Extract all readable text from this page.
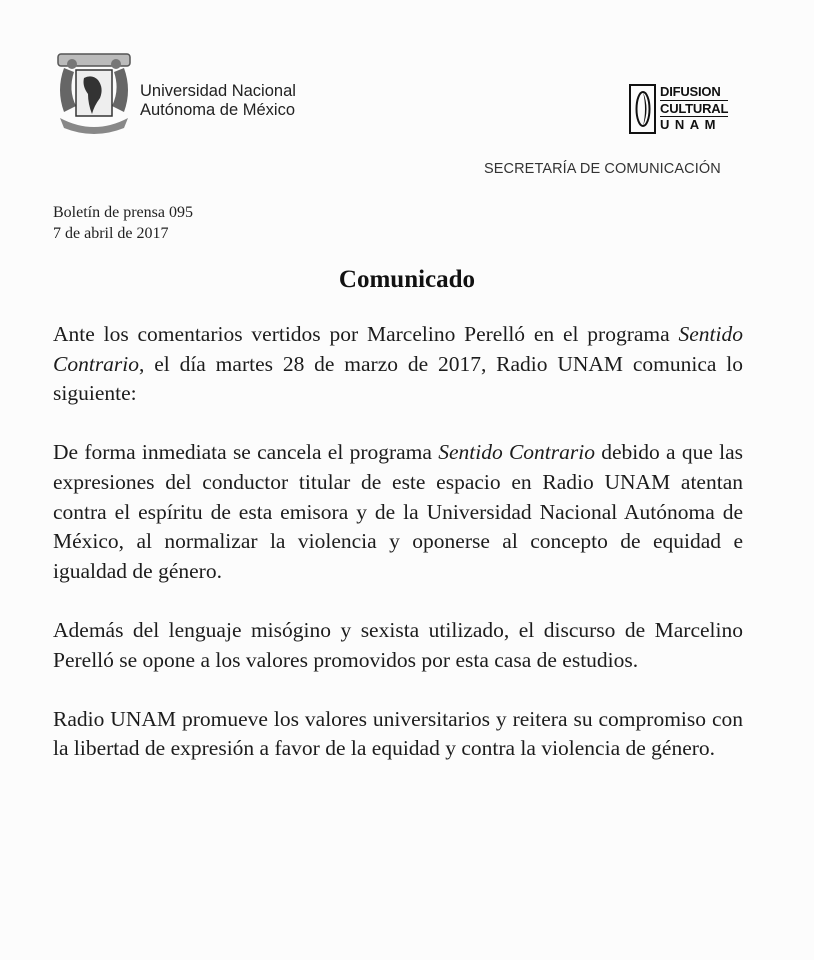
Universidad Nacional
Autónoma de México
DIFUSION
CULTURAL
UNAM
SECRETARÍA DE COMUNICACIÓN
Boletín de prensa 095
7 de abril de 2017
Comunicado

Ante los comentarios vertidos por Marcelino Perelló en el programa Sentido Contrario, el día martes 28 de marzo de 2017, Radio UNAM comunica lo siguiente:

De forma inmediata se cancela el programa Sentido Contrario debido a que las expresiones del conductor titular de este espacio en Radio UNAM atentan contra el espíritu de esta emisora y de la Universidad Nacional Autónoma de México, al normalizar la violencia y oponerse al concepto de equidad e igualdad de género.

Además del lenguaje misógino y sexista utilizado, el discurso de Marcelino Perelló se opone a los valores promovidos por esta casa de estudios.

Radio UNAM promueve los valores universitarios y reitera su compromiso con la libertad de expresión a favor de la equidad y contra la violencia de género.
